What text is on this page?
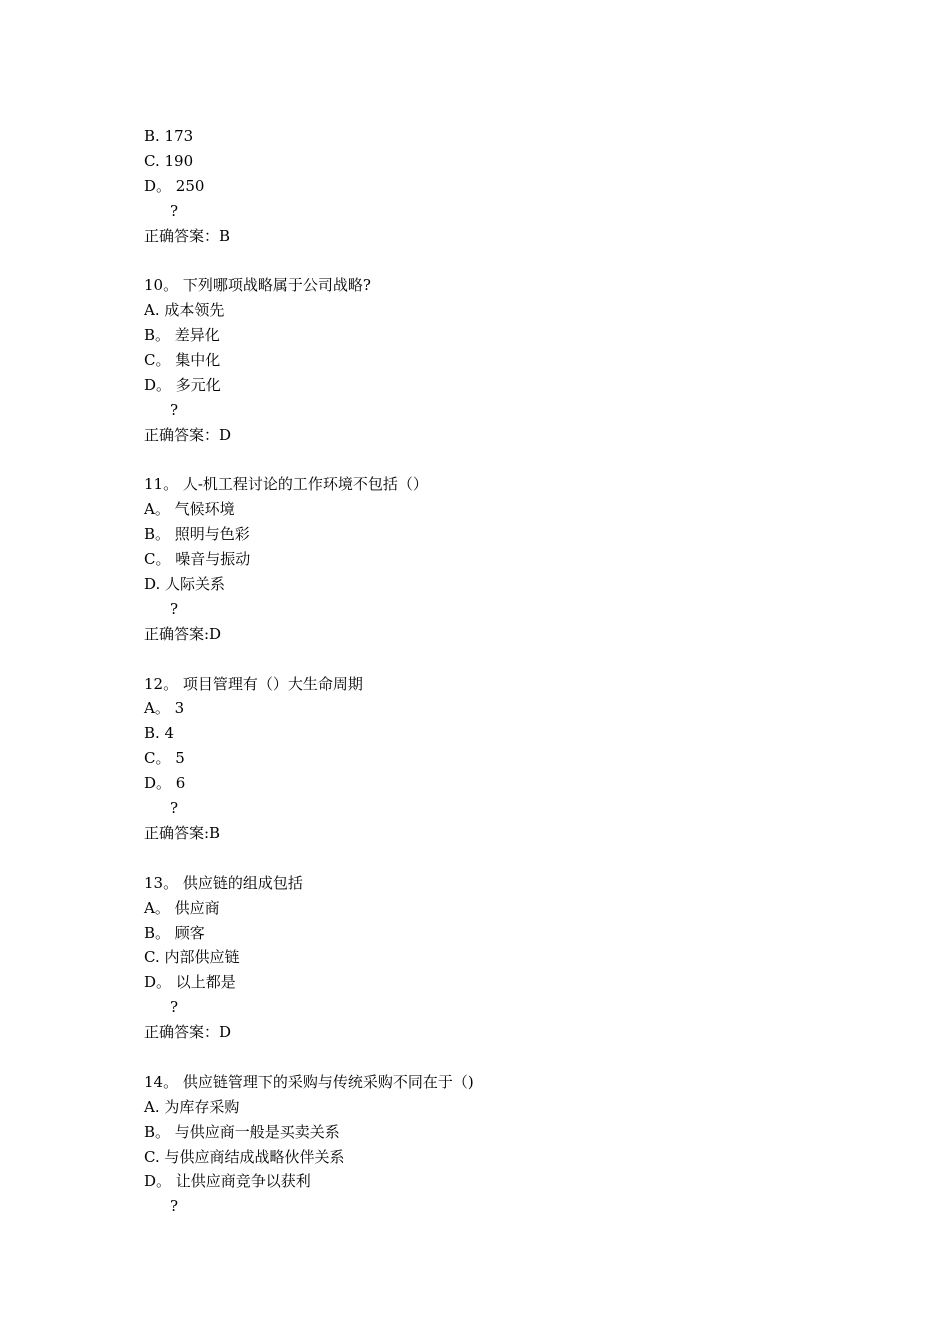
B. 173
C. 190
D。 250
?
正确答案：B
10。 下列哪项战略属于公司战略?
A. 成本领先
B。 差异化
C。 集中化
D。 多元化
?
正确答案：D
11。 人-机工程讨论的工作环境不包括（）
A。 气候环境
B。 照明与色彩
C。 噪音与振动
D. 人际关系
?
正确答案:D
12。 项目管理有（）大生命周期
A。 3
B. 4
C。 5
D。 6
?
正确答案:B
13。 供应链的组成包括
A。 供应商
B。 顾客
C. 内部供应链
D。 以上都是
?
正确答案：D
14。 供应链管理下的采购与传统采购不同在于（)
A. 为库存采购
B。 与供应商一般是买卖关系
C. 与供应商结成战略伙伴关系
D。 让供应商竞争以获利
?
